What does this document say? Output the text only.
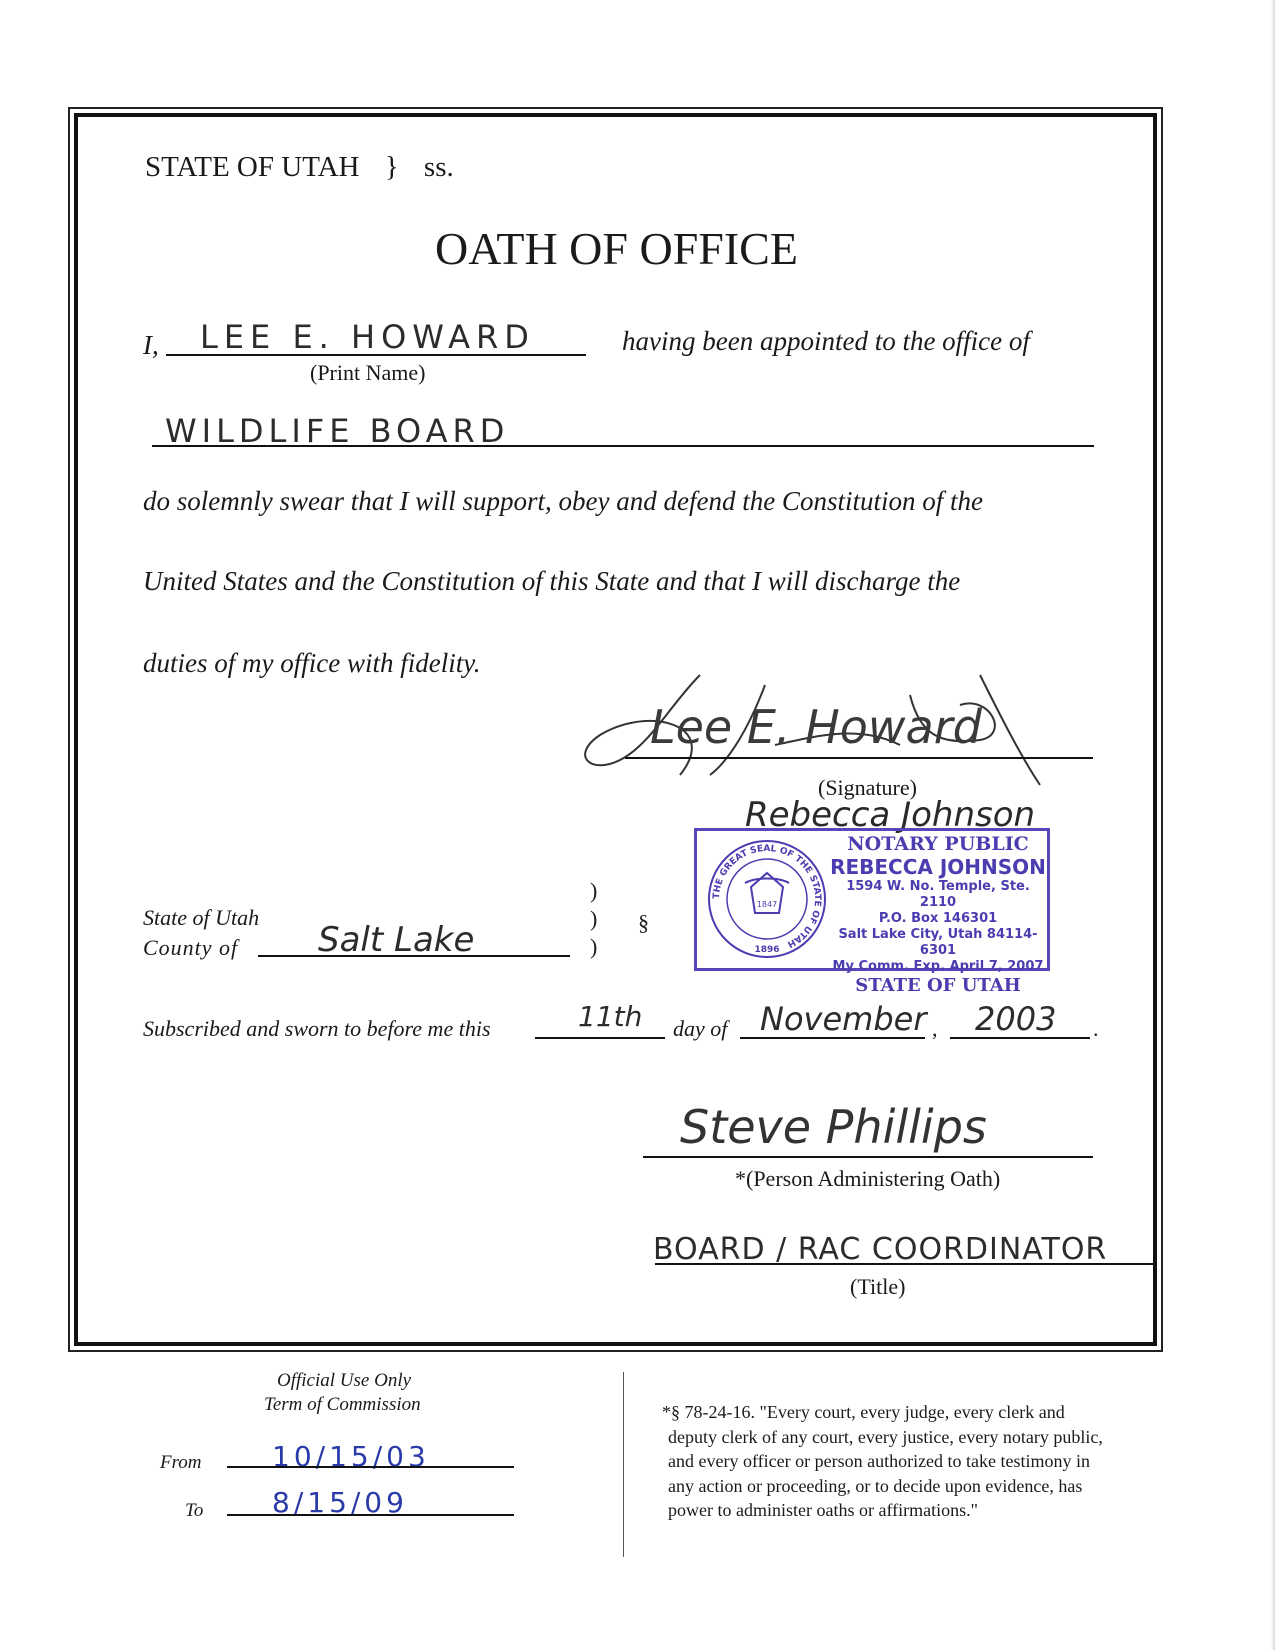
STATE OF UTAH } ss.
OATH OF OFFICE
I, LEE E. HOWARD
(Print Name)
having been appointed to the office of
WILDLIFE BOARD
do solemnly swear that I will support, obey and defend the Constitution of the
United States and the Constitution of this State and that I will discharge the
duties of my office with fidelity.
Lee E. Howard
(Signature)
Rebecca Johnson
THE GREAT SEAL OF THE STATE OF UTAH
1847
1896
NOTARY PUBLIC
REBECCA JOHNSON
1594 W. No. Temple, Ste. 2110
P.O. Box 146301
Salt Lake City, Utah 84114-6301
My Comm. Exp. April 7, 2007
STATE OF UTAH
State of Utah
County of Salt Lake
)
)
)
§
Subscribed and sworn to before me this	11th day of November , 2003 .
Steve Phillips
*(Person Administering Oath)
BOARD / RAC COORDINATOR
(Title)
Official Use Only
Term of Commission
From	10/15/03
To 8/15/09
*§ 78-24-16. "Every court, every judge, every clerk and
deputy clerk of any court, every justice, every notary public,
and every officer or person authorized to take testimony in
any action or proceeding, or to decide upon evidence, has
power to administer oaths or affirmations."
